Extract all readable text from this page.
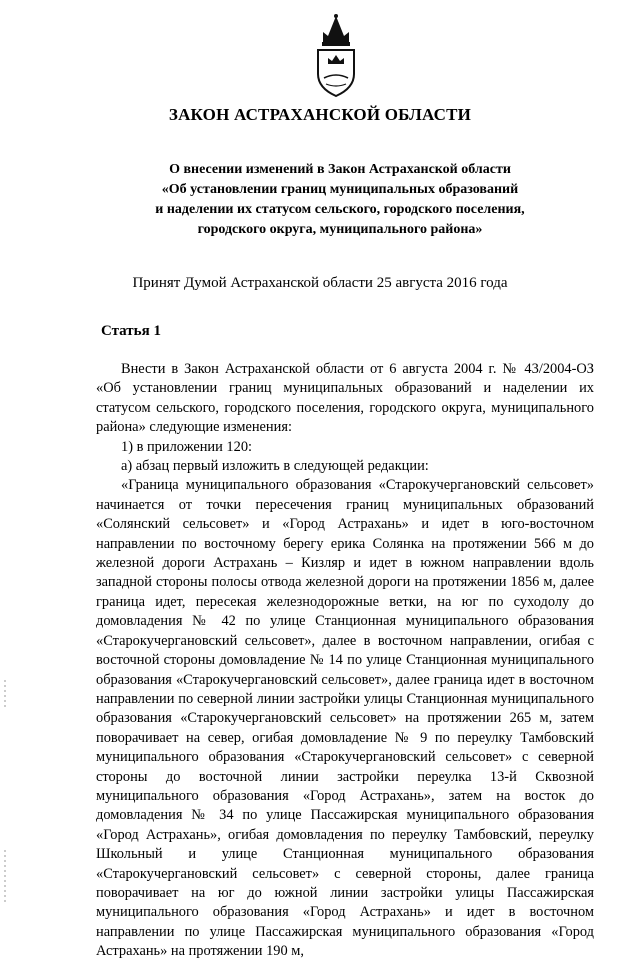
ЗАКОН АСТРАХАНСКОЙ ОБЛАСТИ
О внесении изменений в Закон Астраханской области
«Об установлении границ муниципальных образований
и наделении их статусом сельского, городского поселения,
городского округа, муниципального района»
Принят Думой Астраханской области 25 августа 2016 года
Статья 1

Внести в Закон Астраханской области от 6 августа 2004 г. № 43/2004-ОЗ «Об установлении границ муниципальных образований и наделении их статусом сельского, городского поселения, городского округа, муниципального района» следующие изменения:

1) в приложении 120:

а) абзац первый изложить в следующей редакции:

«Граница муниципального образования «Старокучергановский сельсовет» начинается от точки пересечения границ муниципальных образований «Солянский сельсовет» и «Город Астрахань» и идет в юго-восточном направлении по восточному берегу ерика Солянка на протяжении 566 м до железной дороги Астрахань – Кизляр и идет в южном направлении вдоль западной стороны полосы отвода железной дороги на протяжении 1856 м, далее граница идет, пересекая железнодорожные ветки, на юг по суходолу до домовладения № 42 по улице Станционная муниципального образования «Старокучергановский сельсовет», далее в восточном направлении, огибая с восточной стороны домовладение № 14 по улице Станционная муниципального образования «Старокучергановский сельсовет», далее граница идет в восточном направлении по северной линии застройки улицы Станционная муниципального образования «Старокучергановский сельсовет» на протяжении 265 м, затем поворачивает на север, огибая домовладение № 9 по переулку Тамбовский муниципального образования «Старокучергановский сельсовет» с северной стороны до восточной линии застройки переулка 13-й Сквозной муниципального образования «Город Астрахань», затем на восток до домовладения № 34 по улице Пассажирская муниципального образования «Город Астрахань», огибая домовладения по переулку Тамбовский, переулку Школьный и улице Станционная муниципального образования «Старокучергановский сельсовет» с северной стороны, далее граница поворачивает на юг до южной линии застройки улицы Пассажирская муниципального образования «Город Астрахань» и идет в восточном направлении по улице Пассажирская муниципального образования «Город Астрахань» на протяжении 190 м,
